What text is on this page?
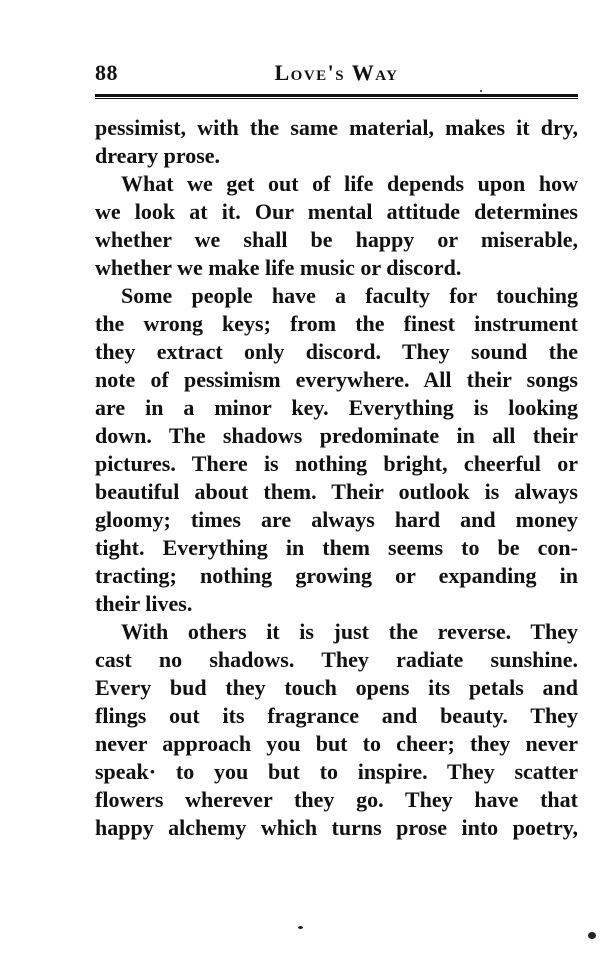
88	Love's Way
pessimist, with the same material, makes it dry,
dreary prose.
What we get out of life depends upon how
we look at it. Our mental attitude determines
whether we shall be happy or miserable,
whether we make life music or discord.
Some people have a faculty for touching
the wrong keys; from the finest instrument
they extract only discord. They sound the
note of pessimism everywhere. All their songs
are in a minor key. Everything is looking
down. The shadows predominate in all their
pictures. There is nothing bright, cheerful or
beautiful about them. Their outlook is always
gloomy; times are always hard and money
tight. Everything in them seems to be con-
tracting; nothing growing or expanding in
their lives.
With others it is just the reverse. They
cast no shadows. They radiate sunshine.
Every bud they touch opens its petals and
flings out its fragrance and beauty. They
never approach you but to cheer; they never
speak· to you but to inspire. They scatter
flowers wherever they go. They have that
happy alchemy which turns prose into poetry,
